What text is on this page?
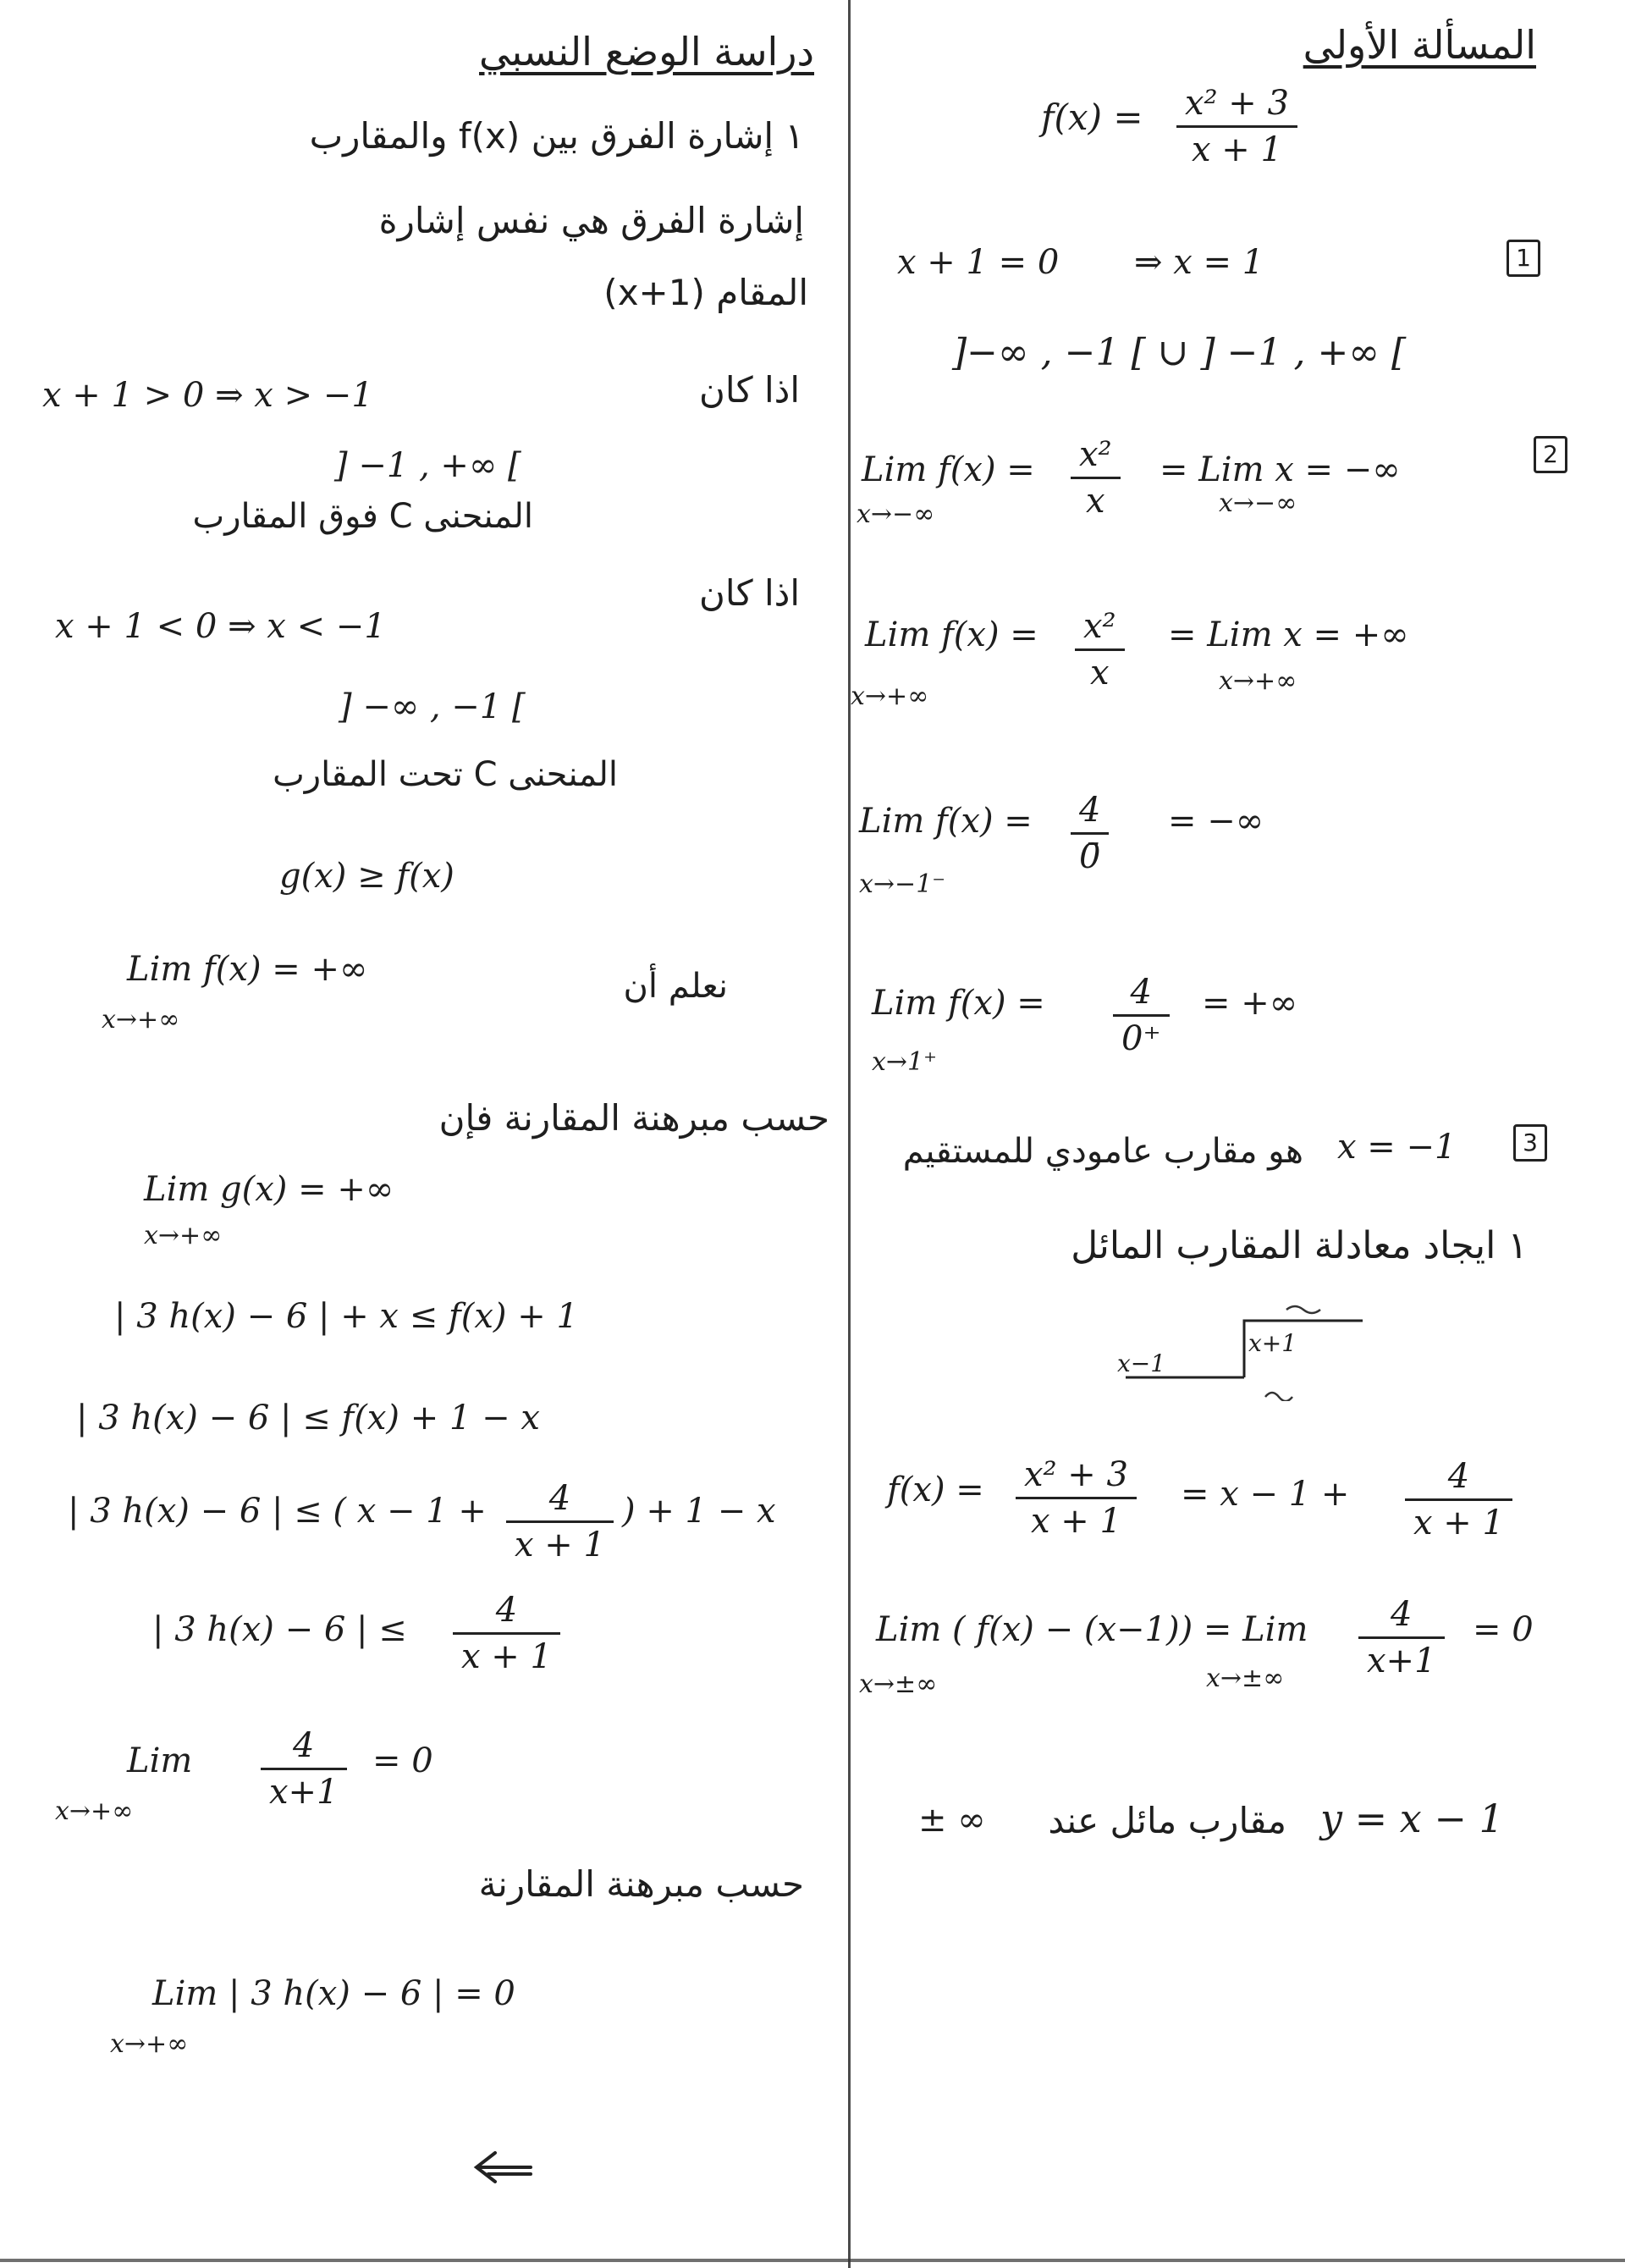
المسألة الأولى
f(x) = x² + 3
x + 1
1
x + 1 = 0 ⇒ x = 1
]−∞ , −1 [ ∪ ] −1 , +∞ [
2
Lim f(x) =
x→−∞
x²
x
= Lim x = −∞
x→−∞
Lim f(x) =
x→+∞
x²
x
= Lim x = +∞
x→+∞
Lim f(x) =
x→−1⁻
4
0̄
= −∞
Lim f(x) =
x→1⁺
4
0⁺
= +∞
3
x = −1
هو مقارب عامودي للمستقيم
١ ايجاد معادلة المقارب المائل
x−1
x+1
f(x) = x² + 3
x + 1
= x − 1 +	4
x + 1
Lim ( f(x) − (x−1)) = Lim
x→±∞	x→±∞
4
x+1
= 0
y = x − 1
مقارب مائل عند
± ∞
دراسة الوضع النسبي
١ إشارة الفرق بين f(x) والمقارب
إشارة الفرق هي نفس إشارة
المقام (x+1)
اذا كان
x + 1 > 0 ⇒ x > −1
] −1 , +∞ [
المنحنى C فوق المقارب
اذا كان
x + 1 < 0 ⇒ x < −1
] −∞ , −1 [
المنحنى C تحت المقارب
g(x) ≥ f(x)
Lim f(x) = +∞
x→+∞
نعلم أن
حسب مبرهنة المقارنة فإن
Lim g(x) = +∞
x→+∞
| 3 h(x) − 6 | + x ≤ f(x) + 1
| 3 h(x) − 6 | ≤ f(x) + 1 − x
| 3 h(x) − 6 | ≤ ( x − 1 +	4
x + 1
) + 1 − x
| 3 h(x) − 6 | ≤	4
x + 1
Lim
x→+∞
4
x+1
= 0
حسب مبرهنة المقارنة
Lim | 3 h(x) − 6 | = 0
x→+∞
